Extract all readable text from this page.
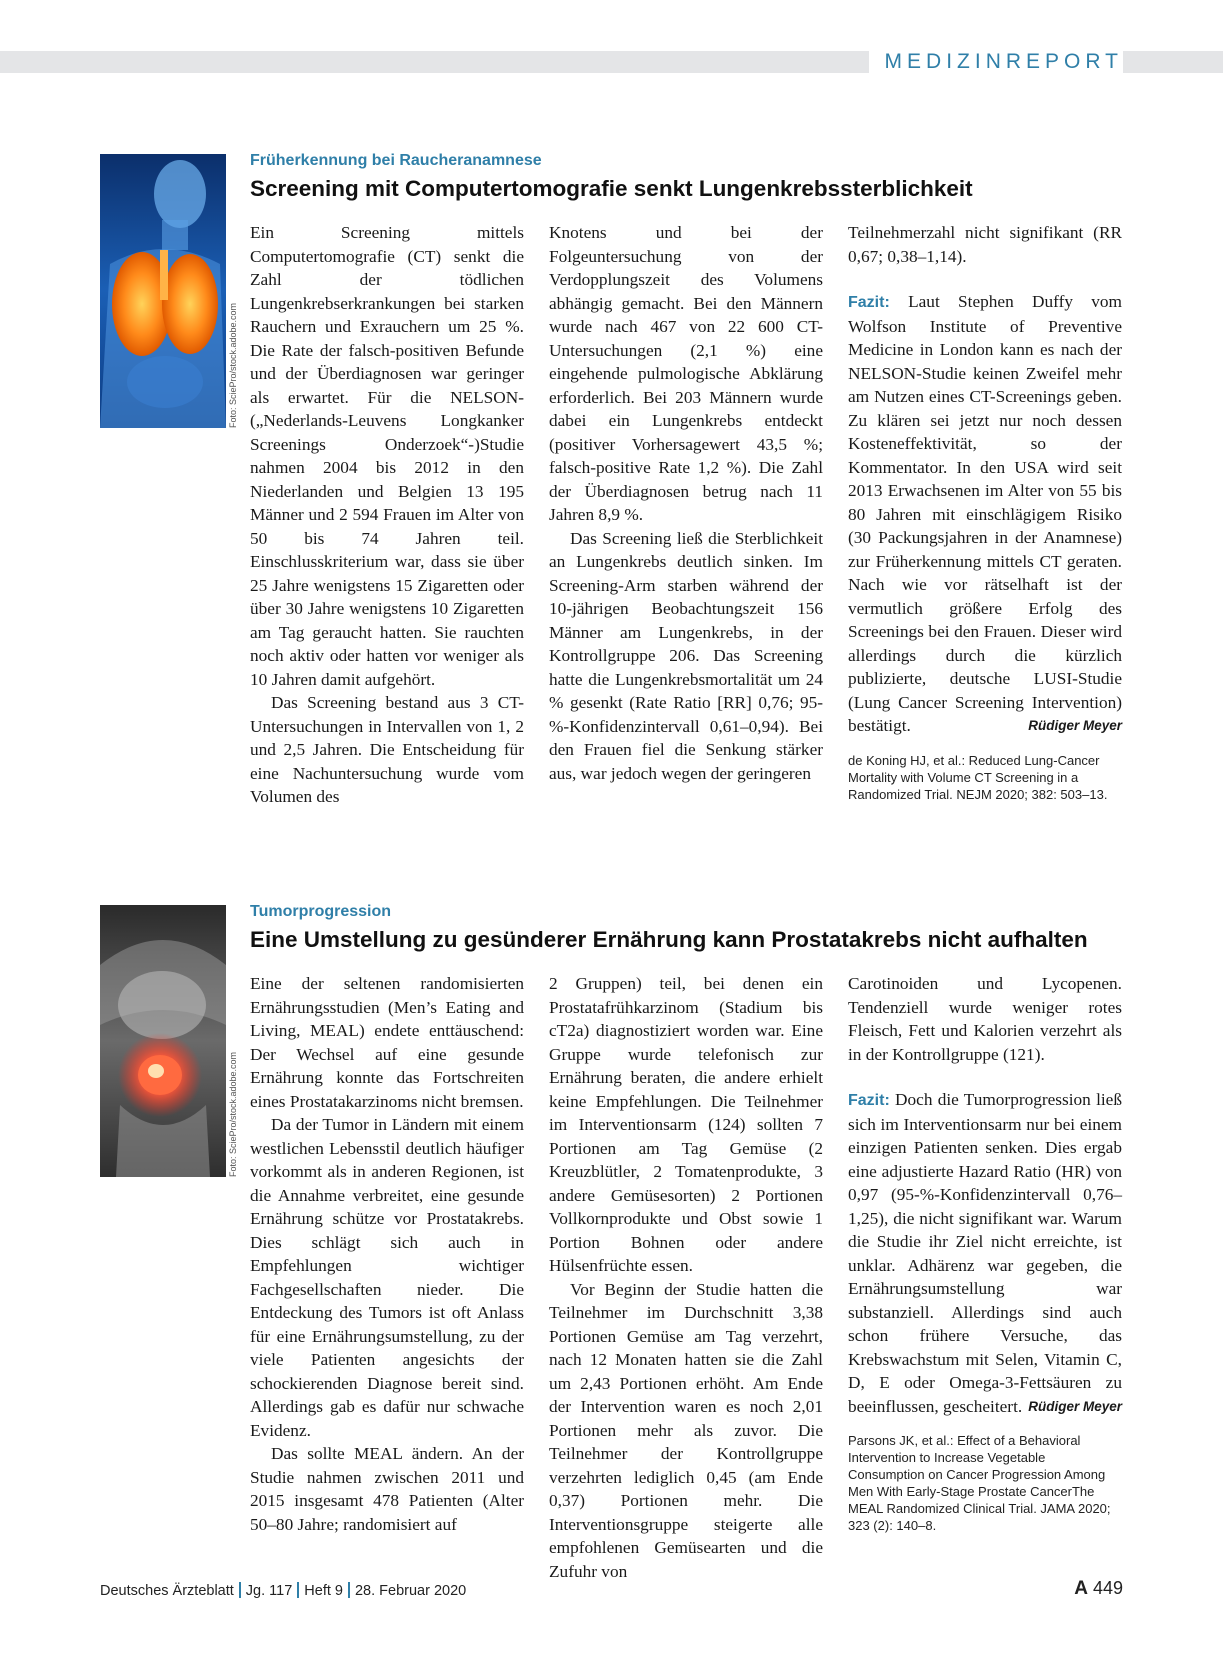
MEDIZINREPORT
Foto: SciePro/stock.adobe.com
Früherkennung bei Raucheranamnese
Screening mit Computertomografie senkt Lungenkrebssterblichkeit

Ein Screening mittels Computertomografie (CT) senkt die Zahl der tödlichen Lungenkrebserkrankungen bei starken Rauchern und Exrauchern um 25 %. Die Rate der falsch-positiven Befunde und der Überdiagnosen war geringer als erwartet. Für die NELSON-(„Nederlands-Leuvens Longkanker Screenings Onderzoek“-)Studie nahmen 2004 bis 2012 in den Niederlanden und Belgien 13 195 Männer und 2 594 Frauen im Alter von 50 bis 74 Jahren teil. Einschlusskriterium war, dass sie über 25 Jahre wenigstens 15 Zigaretten oder über 30 Jahre wenigstens 10 Zigaretten am Tag geraucht hatten. Sie rauchten noch aktiv oder hatten vor weniger als 10 Jahren damit aufgehört.

Das Screening bestand aus 3 CT-Untersuchungen in Intervallen von 1, 2 und 2,5 Jahren. Die Entscheidung für eine Nachuntersuchung wurde vom Volumen des

Knotens und bei der Folgeuntersuchung von der Verdopplungszeit des Volumens abhängig gemacht. Bei den Männern wurde nach 467 von 22 600 CT-Untersuchungen (2,1 %) eine eingehende pulmologische Abklärung erforderlich. Bei 203 Männern wurde dabei ein Lungenkrebs entdeckt (positiver Vorhersagewert 43,5 %; falsch-positive Rate 1,2 %). Die Zahl der Überdiagnosen betrug nach 11 Jahren 8,9 %.

Das Screening ließ die Sterblichkeit an Lungenkrebs deutlich sinken. Im Screening-Arm starben während der 10-jährigen Beobachtungszeit 156 Männer am Lungenkrebs, in der Kontrollgruppe 206. Das Screening hatte die Lungenkrebsmortalität um 24 % gesenkt (Rate Ratio [RR] 0,76; 95-%-Konfidenzintervall 0,61–0,94). Bei den Frauen fiel die Senkung stärker aus, war jedoch wegen der geringeren

Teilnehmerzahl nicht signifikant (RR 0,67; 0,38–1,14).

Fazit: Laut Stephen Duffy vom Wolfson Institute of Preventive Medicine in London kann es nach der NELSON-Studie keinen Zweifel mehr am Nutzen eines CT-Screenings geben. Zu klären sei jetzt nur noch dessen Kosteneffektivität, so der Kommentator. In den USA wird seit 2013 Erwachsenen im Alter von 55 bis 80 Jahren mit einschlägigem Risiko (30 Packungsjahren in der Anamnese) zur Früherkennung mittels CT geraten. Nach wie vor rätselhaft ist der vermutlich größere Erfolg des Screenings bei den Frauen. Dieser wird allerdings durch die kürzlich publizierte, deutsche LUSI-Studie (Lung Cancer Screening Intervention) bestätigt.	Rüdiger Meyer

de Koning HJ, et al.: Reduced Lung-Cancer Mortality with Volume CT Screening in a Randomized Trial. NEJM 2020; 382: 503–13.
Foto: SciePro/stock.adobe.com
Tumorprogression
Eine Umstellung zu gesünderer Ernährung kann Prostatakrebs nicht aufhalten

Eine der seltenen randomisierten Ernährungsstudien (Men’s Eating and Living, MEAL) endete enttäuschend: Der Wechsel auf eine gesunde Ernährung konnte das Fortschreiten eines Prostatakarzinoms nicht bremsen.

Da der Tumor in Ländern mit einem westlichen Lebensstil deutlich häufiger vorkommt als in anderen Regionen, ist die Annahme verbreitet, eine gesunde Ernährung schütze vor Prostatakrebs. Dies schlägt sich auch in Empfehlungen wichtiger Fachgesellschaften nieder. Die Entdeckung des Tumors ist oft Anlass für eine Ernährungsumstellung, zu der viele Patienten angesichts der schockierenden Diagnose bereit sind. Allerdings gab es dafür nur schwache Evidenz.

Das sollte MEAL ändern. An der Studie nahmen zwischen 2011 und 2015 insgesamt 478 Patienten (Alter 50–80 Jahre; randomisiert auf

2 Gruppen) teil, bei denen ein Prostatafrühkarzinom (Stadium bis cT2a) diagnostiziert worden war. Eine Gruppe wurde telefonisch zur Ernährung beraten, die andere erhielt keine Empfehlungen. Die Teilnehmer im Interventionsarm (124) sollten 7 Portionen am Tag Gemüse (2 Kreuzblütler, 2 Tomatenprodukte, 3 andere Gemüsesorten) 2 Portionen Vollkornprodukte und Obst sowie 1 Portion Bohnen oder andere Hülsenfrüchte essen.

Vor Beginn der Studie hatten die Teilnehmer im Durchschnitt 3,38 Portionen Gemüse am Tag verzehrt, nach 12 Monaten hatten sie die Zahl um 2,43 Portionen erhöht. Am Ende der Intervention waren es noch 2,01 Portionen mehr als zuvor. Die Teilnehmer der Kontrollgruppe verzehrten lediglich 0,45 (am Ende 0,37) Portionen mehr. Die Interventionsgruppe steigerte alle empfohlenen Gemüsearten und die Zufuhr von

Carotinoiden und Lycopenen. Tendenziell wurde weniger rotes Fleisch, Fett und Kalorien verzehrt als in der Kontrollgruppe (121).

Fazit: Doch die Tumorprogression ließ sich im Interventionsarm nur bei einem einzigen Patienten senken. Dies ergab eine adjustierte Hazard Ratio (HR) von 0,97 (95-%-Konfidenzintervall 0,76–1,25), die nicht signifikant war. Warum die Studie ihr Ziel nicht erreichte, ist unklar. Adhärenz war gegeben, die Ernährungsumstellung war substanziell. Allerdings sind auch schon frühere Versuche, das Krebswachstum mit Selen, Vitamin C, D, E oder Omega-3-Fettsäuren zu beeinflussen, gescheitert. Rüdiger Meyer

Parsons JK, et al.: Effect of a Behavioral Intervention to Increase Vegetable Consumption on Cancer Progression Among Men With Early-Stage Prostate CancerThe MEAL Randomized Clinical Trial. JAMA 2020; 323 (2): 140–8.
Deutsches Ärzteblatt Jg. 117 Heft 9 28. Februar 2020	A 449
